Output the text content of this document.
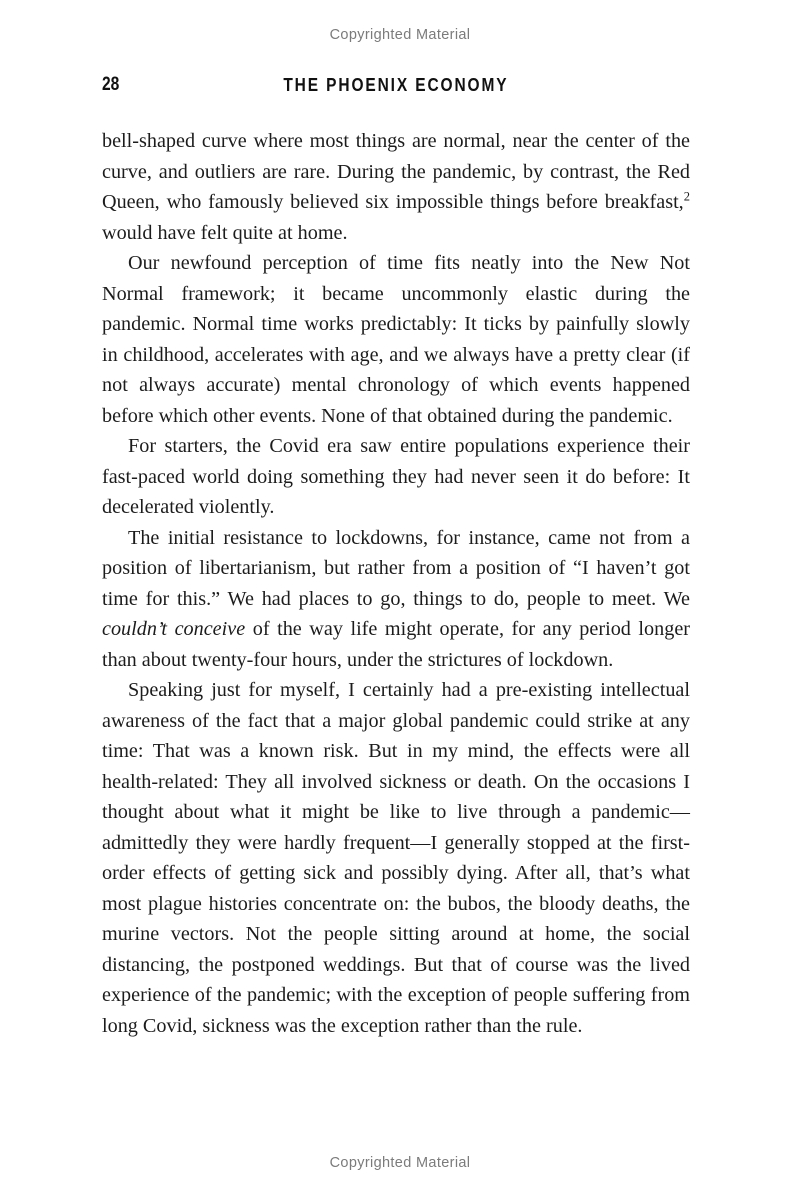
Copyrighted Material
28	THE PHOENIX ECONOMY

bell-shaped curve where most things are normal, near the center of the curve, and outliers are rare. During the pandemic, by contrast, the Red Queen, who famously believed six impossible things before breakfast,$^2$ would have felt quite at home.

Our newfound perception of time fits neatly into the New Not Normal framework; it became uncommonly elastic during the pandemic. Normal time works predictably: It ticks by painfully slowly in childhood, accelerates with age, and we always have a pretty clear (if not always accurate) mental chronology of which events happened before which other events. None of that obtained during the pandemic.

For starters, the Covid era saw entire populations experience their fast-paced world doing something they had never seen it do before: It decelerated violently.

The initial resistance to lockdowns, for instance, came not from a position of libertarianism, but rather from a position of “I haven’t got time for this.” We had places to go, things to do, people to meet. We couldn’t conceive of the way life might operate, for any period longer than about twenty-four hours, under the strictures of lockdown.

Speaking just for myself, I certainly had a pre-existing intellectual awareness of the fact that a major global pandemic could strike at any time: That was a known risk. But in my mind, the effects were all health-related: They all involved sickness or death. On the occasions I thought about what it might be like to live through a pandemic—admittedly they were hardly frequent—I generally stopped at the first-order effects of getting sick and possibly dying. After all, that’s what most plague histories concentrate on: the bubos, the bloody deaths, the murine vectors. Not the people sitting around at home, the social distancing, the postponed weddings. But that of course was the lived experience of the pandemic; with the exception of people suffering from long Covid, sickness was the exception rather than the rule.

Copyrighted Material
